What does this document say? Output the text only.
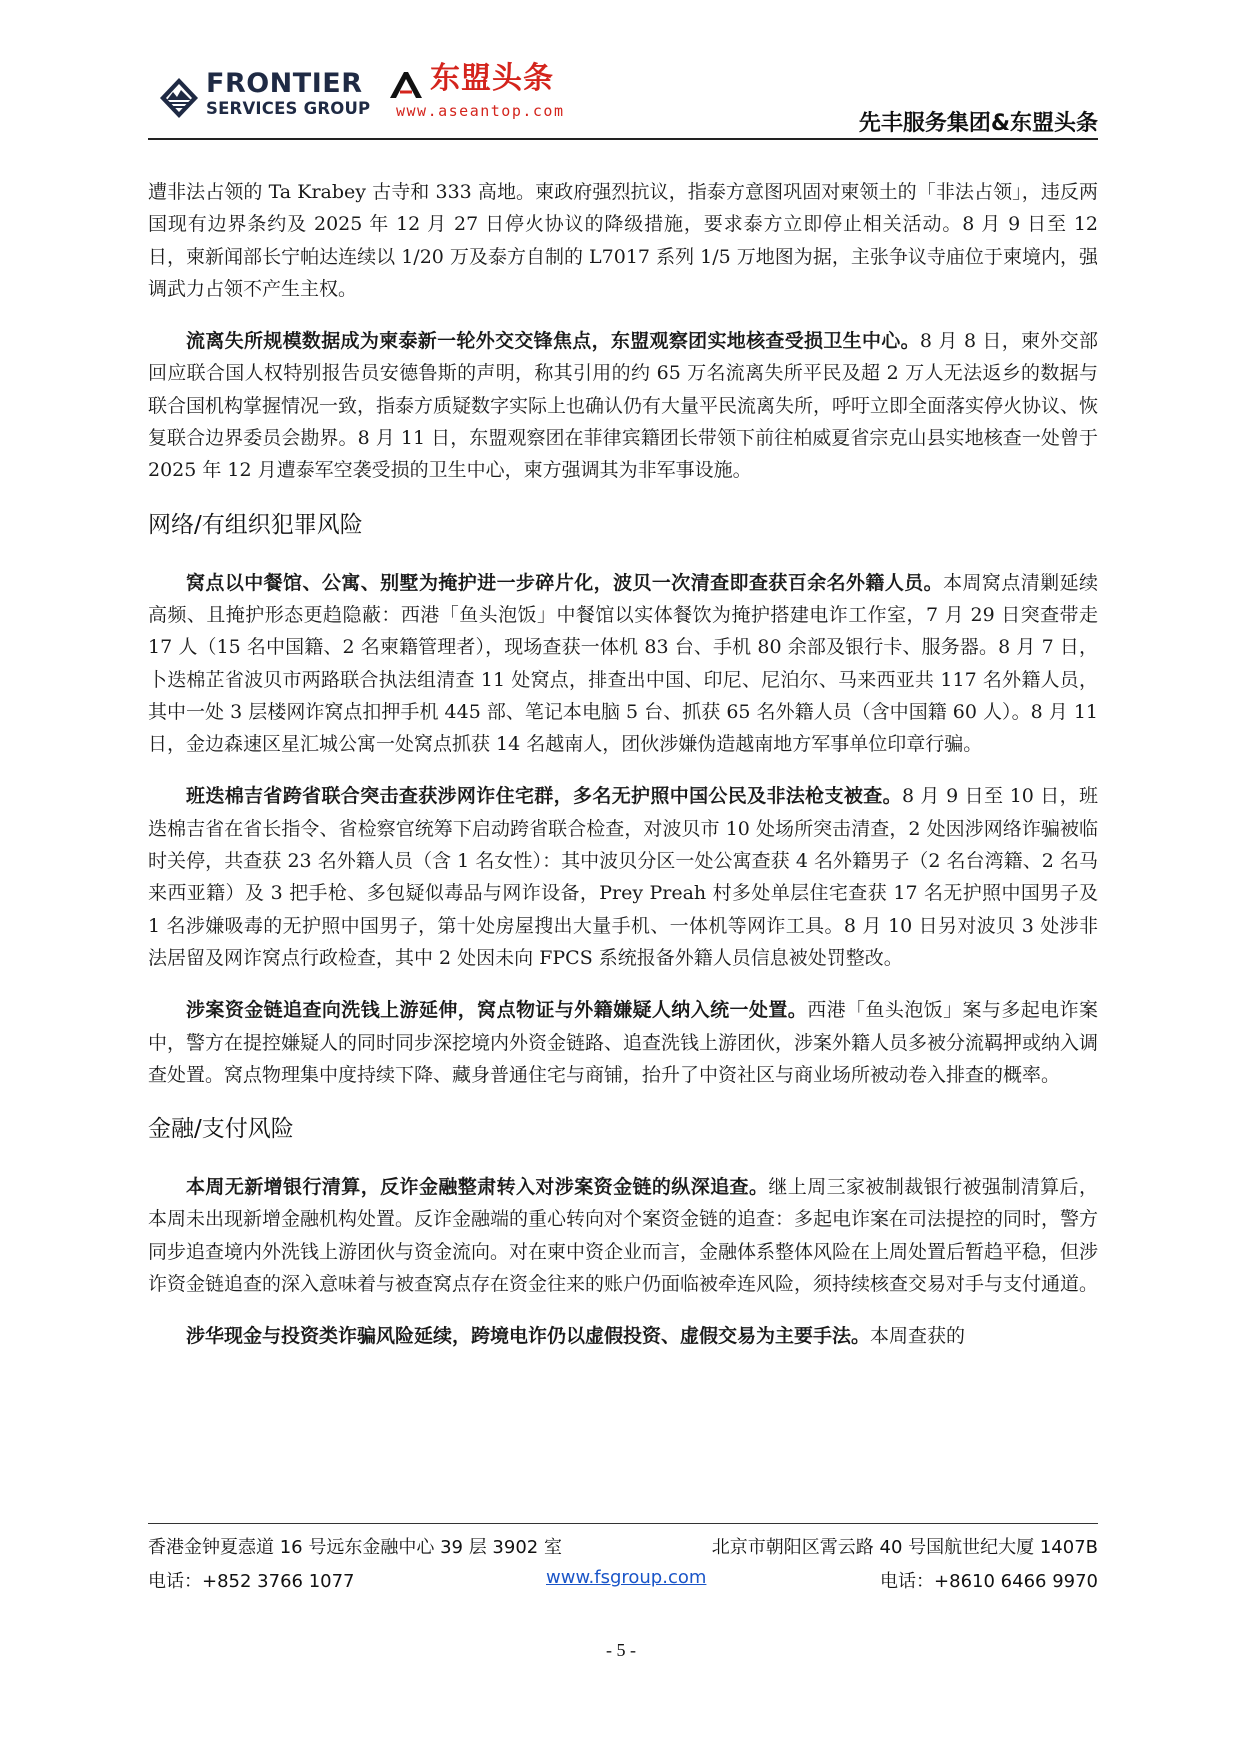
FRONTIER
SERVICES GROUP
东盟头条
www.aseantop.com	先丰服务集团&东盟头条

遭非法占领的 Ta Krabey 古寺和 333 高地。柬政府强烈抗议，指泰方意图巩固对柬领土的「非法占领」，违反两国现有边界条约及 2025 年 12 月 27 日停火协议的降级措施，要求泰方立即停止相关活动。8 月 9 日至 12 日，柬新闻部长宁帕达连续以 1/20 万及泰方自制的 L7017 系列 1/5 万地图为据，主张争议寺庙位于柬境内，强调武力占领不产生主权。

流离失所规模数据成为柬泰新一轮外交交锋焦点，东盟观察团实地核查受损卫生中心。8 月 8 日，柬外交部回应联合国人权特别报告员安德鲁斯的声明，称其引用的约 65 万名流离失所平民及超 2 万人无法返乡的数据与联合国机构掌握情况一致，指泰方质疑数字实际上也确认仍有大量平民流离失所，呼吁立即全面落实停火协议、恢复联合边界委员会勘界。8 月 11 日，东盟观察团在菲律宾籍团长带领下前往柏威夏省宗克山县实地核查一处曾于 2025 年 12 月遭泰军空袭受损的卫生中心，柬方强调其为非军事设施。

网络/有组织犯罪风险

窝点以中餐馆、公寓、别墅为掩护进一步碎片化，波贝一次清查即查获百余名外籍人员。本周窝点清剿延续高频、且掩护形态更趋隐蔽：西港「鱼头泡饭」中餐馆以实体餐饮为掩护搭建电诈工作室，7 月 29 日突查带走 17 人（15 名中国籍、2 名柬籍管理者），现场查获一体机 83 台、手机 80 余部及银行卡、服务器。8 月 7 日，卜迭棉芷省波贝市两路联合执法组清查 11 处窝点，排查出中国、印尼、尼泊尔、马来西亚共 117 名外籍人员，其中一处 3 层楼网诈窝点扣押手机 445 部、笔记本电脑 5 台、抓获 65 名外籍人员（含中国籍 60 人）。8 月 11 日，金边森速区星汇城公寓一处窝点抓获 14 名越南人，团伙涉嫌伪造越南地方军事单位印章行骗。

班迭棉吉省跨省联合突击查获涉网诈住宅群，多名无护照中国公民及非法枪支被查。8 月 9 日至 10 日，班迭棉吉省在省长指令、省检察官统筹下启动跨省联合检查，对波贝市 10 处场所突击清查，2 处因涉网络诈骗被临时关停，共查获 23 名外籍人员（含 1 名女性）：其中波贝分区一处公寓查获 4 名外籍男子（2 名台湾籍、2 名马来西亚籍）及 3 把手枪、多包疑似毒品与网诈设备，Prey Preah 村多处单层住宅查获 17 名无护照中国男子及 1 名涉嫌吸毒的无护照中国男子，第十处房屋搜出大量手机、一体机等网诈工具。8 月 10 日另对波贝 3 处涉非法居留及网诈窝点行政检查，其中 2 处因未向 FPCS 系统报备外籍人员信息被处罚整改。

涉案资金链追查向洗钱上游延伸，窝点物证与外籍嫌疑人纳入统一处置。西港「鱼头泡饭」案与多起电诈案中，警方在提控嫌疑人的同时同步深挖境内外资金链路、追查洗钱上游团伙，涉案外籍人员多被分流羁押或纳入调查处置。窝点物理集中度持续下降、藏身普通住宅与商铺，抬升了中资社区与商业场所被动卷入排查的概率。

金融/支付风险

本周无新增银行清算，反诈金融整肃转入对涉案资金链的纵深追查。继上周三家被制裁银行被强制清算后，本周未出现新增金融机构处置。反诈金融端的重心转向对个案资金链的追查：多起电诈案在司法提控的同时，警方同步追查境内外洗钱上游团伙与资金流向。对在柬中资企业而言，金融体系整体风险在上周处置后暂趋平稳，但涉诈资金链追查的深入意味着与被查窝点存在资金往来的账户仍面临被牵连风险，须持续核查交易对手与支付通道。

涉华现金与投资类诈骗风险延续，跨境电诈仍以虚假投资、虚假交易为主要手法。本周查获的

香港金钟夏悫道 16 号远东金融中心 39 层 3902 室	北京市朝阳区霄云路 40 号国航世纪大厦 1407B
电话：+852 3766 1077	www.fsgroup.com	电话：+8610 6466 9970
- 5 -
